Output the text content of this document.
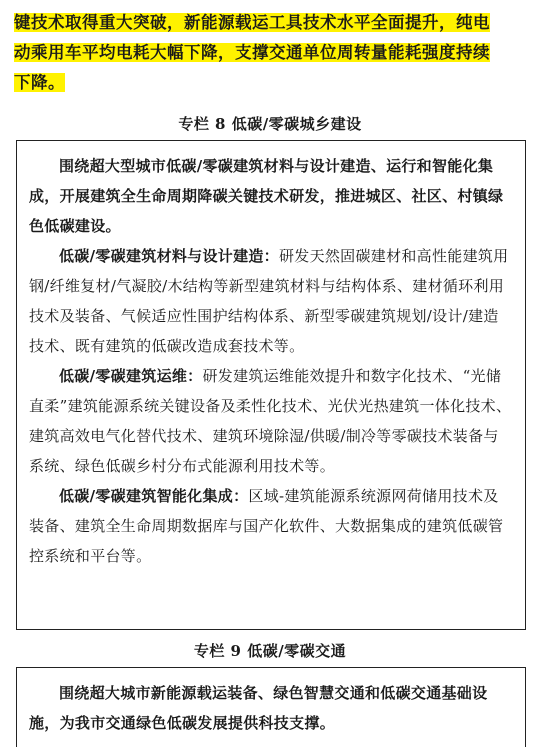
键技术取得重大突破，新能源载运工具技术水平全面提升，纯电
动乘用车平均电耗大幅下降，支撑交通单位周转量能耗强度持续
下降。
专栏 8 低碳/零碳城乡建设

围绕超大型城市低碳/零碳建筑材料与设计建造、运行和智能化集成，开展建筑全生命周期降碳关键技术研发，推进城区、社区、村镇绿色低碳建设。

低碳/零碳建筑材料与设计建造：研发天然固碳建材和高性能建筑用钢/纤维复材/气凝胶/木结构等新型建筑材料与结构体系、建材循环利用技术及装备、气候适应性围护结构体系、新型零碳建筑规划/设计/建造技术、既有建筑的低碳改造成套技术等。

低碳/零碳建筑运维：研发建筑运维能效提升和数字化技术、“光储直柔”建筑能源系统关键设备及柔性化技术、光伏光热建筑一体化技术、建筑高效电气化替代技术、建筑环境除湿/供暖/制冷等零碳技术装备与系统、绿色低碳乡村分布式能源利用技术等。

低碳/零碳建筑智能化集成：区域-建筑能源系统源网荷储用技术及装备、建筑全生命周期数据库与国产化软件、大数据集成的建筑低碳管控系统和平台等。

专栏 9 低碳/零碳交通

围绕超大城市新能源载运装备、绿色智慧交通和低碳交通基础设施，为我市交通绿色低碳发展提供科技支撑。
